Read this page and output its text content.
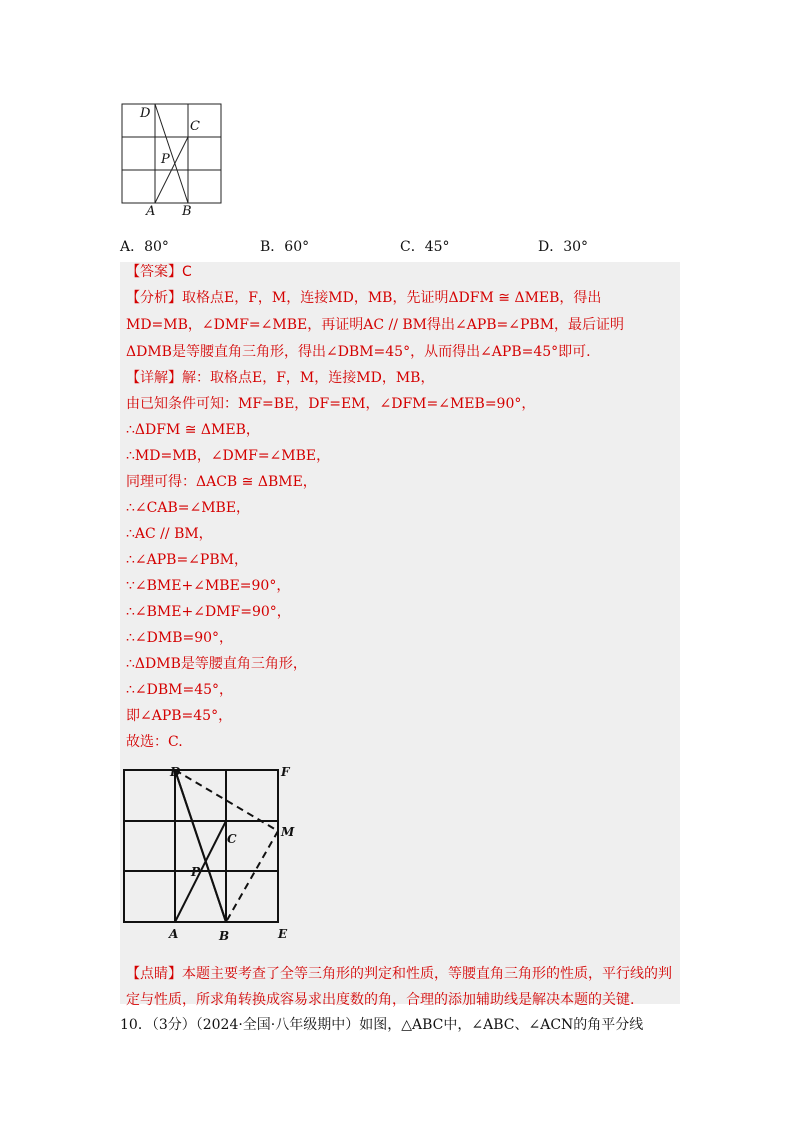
D
C
P
A B
A．80°	B．60°	C．45°	D．30°
【答案】C
【分析】取格点E，F，M，连接MD，MB，先证明ΔDFM ≅ ΔMEB，得出
MD=MB，∠DMF=∠MBE，再证明AC // BM得出∠APB=∠PBM，最后证明
ΔDMB是等腰直角三角形，得出∠DBM=45°，从而得出∠APB=45°即可.
【详解】解：取格点E，F，M，连接MD，MB，
由已知条件可知：MF=BE，DF=EM，∠DFM=∠MEB=90°，
∴ΔDFM ≅ ΔMEB，
∴MD=MB，∠DMF=∠MBE，
同理可得：ΔACB ≅ ΔBME，
∴∠CAB=∠MBE，
∴AC // BM，
∴∠APB=∠PBM，
∵∠BME+∠MBE=90°，
∴∠BME+∠DMF=90°，
∴∠DMB=90°，
∴ΔDMB是等腰直角三角形，
∴∠DBM=45°，
即∠APB=45°，
故选：C.
【点睛】本题主要考查了全等三角形的判定和性质，等腰直角三角形的性质，平行线的判
定与性质，所求角转换成容易求出度数的角，合理的添加辅助线是解决本题的关键.
D	F
M
C
P
A	B	E
10．（3分）（2024·全国·八年级期中）如图，△ABC中，∠ABC、∠ACN的角平分线
